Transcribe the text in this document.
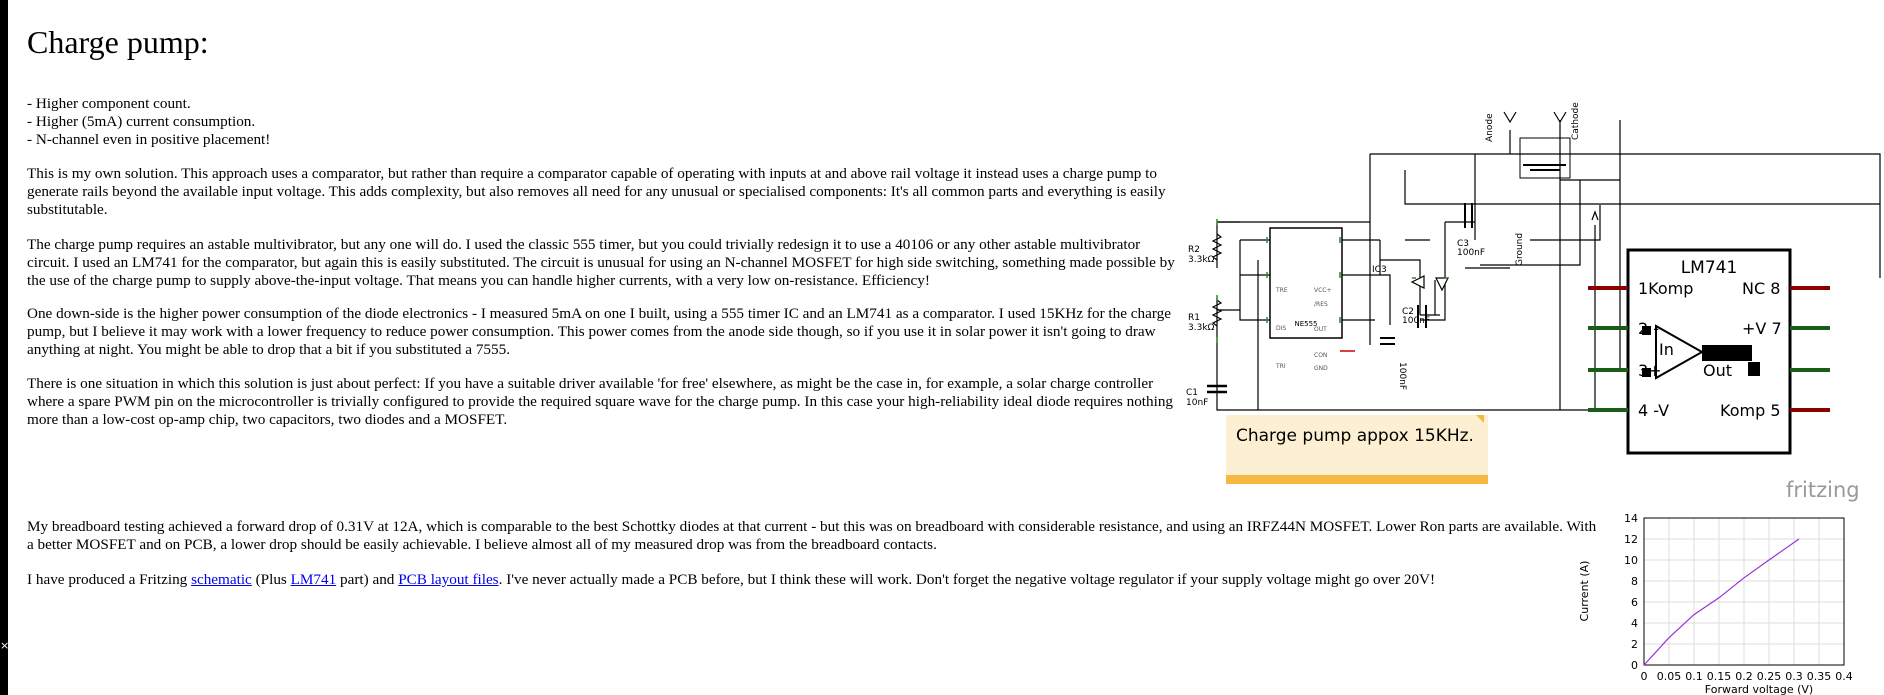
×
Charge pump:

- Higher component count.
- Higher (5mA) current consumption.
- N-channel even in positive placement!

This is my own solution. This approach uses a comparator, but rather than require a comparator capable of operating with inputs at and above rail voltage it instead uses a charge pump to generate rails beyond the available input voltage. This adds complexity, but also removes all need for any unusual or specialised components: It's all common parts and everything is easily substitutable.

The charge pump requires an astable multivibrator, but any one will do. I used the classic 555 timer, but you could trivially redesign it to use a 40106 or any other astable multivibrator circuit. I used an LM741 for the comparator, but again this is easily substituted. The circuit is unusual for using an N-channel MOSFET for high side switching, something made possible by the use of the charge pump to supply above-the-input voltage. That means you can handle higher currents, with a very low on-resistance. Efficiency!

One down-side is the higher power consumption of the diode electronics - I measured 5mA on one I built, using a 555 timer IC and an LM741 as a comparator. I used 15KHz for the charge pump, but I believe it may work with a lower frequency to reduce power consumption. This power comes from the anode side though, so if you use it in solar power it isn't going to draw anything at night. You might be able to drop that a bit if you substituted a 7555.

There is one situation in which this solution is just about perfect: If you have a suitable driver available 'for free' elsewhere, as might be the case in, for example, a solar charge controller where a spare PWM pin on the microcontroller is trivially configured to provide the required square wave for the charge pump. In this case your high-reliability ideal diode requires nothing more than a low-cost op-amp chip, two capacitors, two diodes and a MOSFET.

My breadboard testing achieved a forward drop of 0.31V at 12A, which is comparable to the best Schottky diodes at that current - but this was on breadboard with considerable resistance, and using an IRFZ44N MOSFET. Lower Ron parts are available. With a better MOSFET and on PCB, a lower drop should be easily achievable. I believe almost all of my measured drop was from the breadboard contacts.

I have produced a Fritzing schematic (Plus LM741 part) and PCB layout files. I've never actually made a PCB before, but I think these will work. Don't forget the negative voltage regulator if your supply voltage might go over 20V!

R2
3.3kΩ
R1
3.3kΩ
C1
10nF
IC3
NE555
TRE
DIS
TRI
VCC+
/RES
OUT
CON
GND
C2
100nF
C3
100nF
100nF
Anode	Cathode
Ground
LM741
1Komp	NC 8
2 -	+V 7
3+	Out
4 -V	Komp 5
In
Charge pump appox 15KHz.
fritzing
0
2
4
6
8
10
12
14
0 0.05 0.1 0.15 0.2 0.25 0.3 0.35 0.4
Forward voltage (V)
Current (A)
